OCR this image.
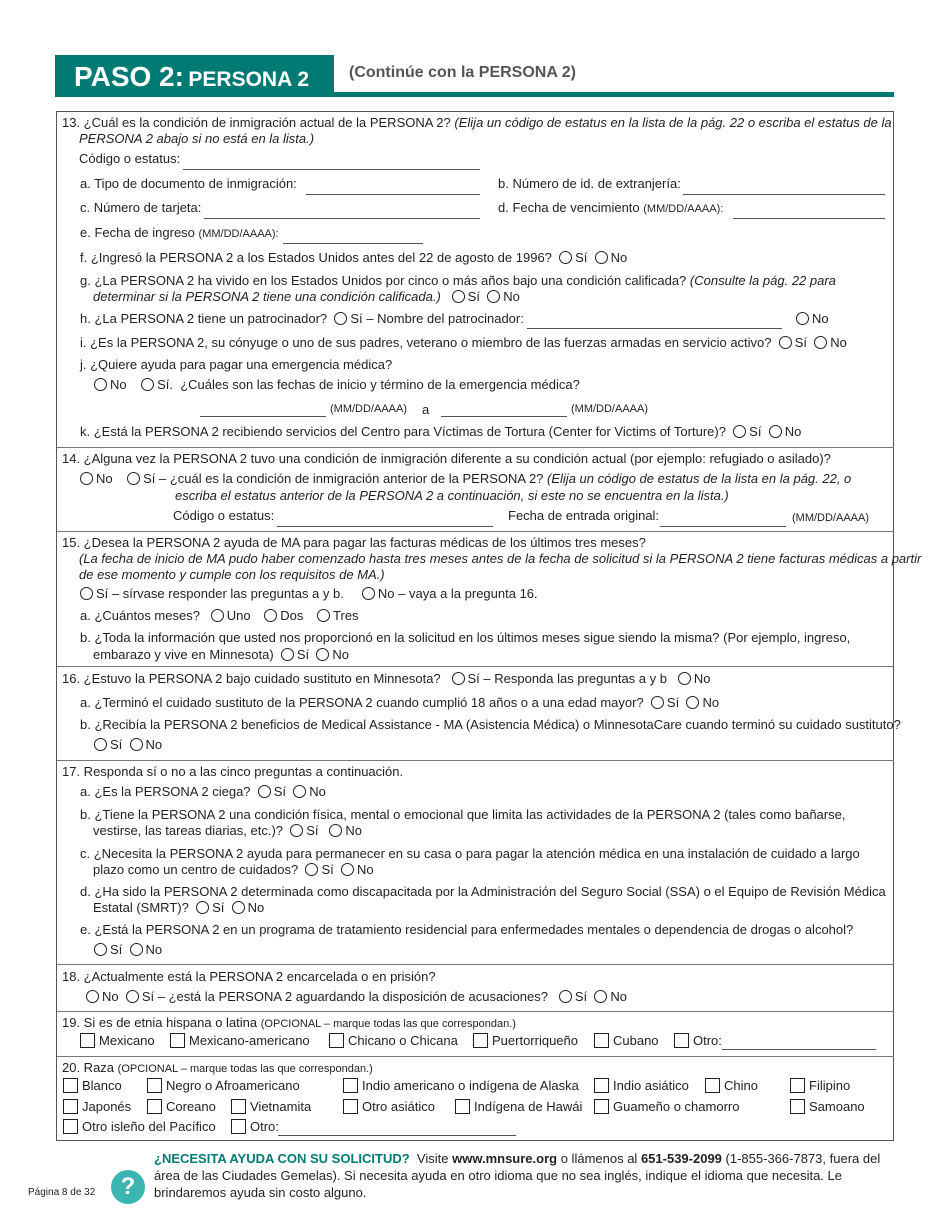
PASO 2: PERSONA 2	(Continúe con la PERSONA 2)
13. ¿Cuál es la condición de inmigración actual de la PERSONA 2? (Elija un código de estatus en la lista de la pág. 22 o escriba el estatus de la
PERSONA 2 abajo si no está en la lista.)
Código o estatus:
a. Tipo de documento de inmigración:	b. Número de id. de extranjería:
c. Número de tarjeta:	d. Fecha de vencimiento (MM/DD/AAAA):
e. Fecha de ingreso (MM/DD/AAAA):
f. ¿Ingresó la PERSONA 2 a los Estados Unidos antes del 22 de agosto de 1996? Sí No
g. ¿La PERSONA 2 ha vivido en los Estados Unidos por cinco o más años bajo una condición calificada? (Consulte la pág. 22 para
determinar si la PERSONA 2 tiene una condición calificada.) Sí No
h. ¿La PERSONA 2 tiene un patrocinador? Sí – Nombre del patrocinador:	No
i. ¿Es la PERSONA 2, su cónyuge o uno de sus padres, veterano o miembro de las fuerzas armadas en servicio activo? Sí No
j. ¿Quiere ayuda para pagar una emergencia médica?
No Sí. ¿Cuáles son las fechas de inicio y término de la emergencia médica?
(MM/DD/AAAA) a	(MM/DD/AAAA)
k. ¿Está la PERSONA 2 recibiendo servicios del Centro para Víctimas de Tortura (Center for Victims of Torture)? Sí No
14. ¿Alguna vez la PERSONA 2 tuvo una condición de inmigración diferente a su condición actual (por ejemplo: refugiado o asilado)?
No Sí – ¿cuál es la condición de inmigración anterior de la PERSONA 2? (Elija un código de estatus de la lista en la pág. 22, o
escriba el estatus anterior de la PERSONA 2 a continuación, si este no se encuentra en la lista.)
Código o estatus:	Fecha de entrada original:	(MM/DD/AAAA)
15. ¿Desea la PERSONA 2 ayuda de MA para pagar las facturas médicas de los últimos tres meses?
(La fecha de inicio de MA pudo haber comenzado hasta tres meses antes de la fecha de solicitud si la PERSONA 2 tiene facturas médicas a partir
de ese momento y cumple con los requisitos de MA.)
Sí – sírvase responder las preguntas a y b.	No – vaya a la pregunta 16.
a. ¿Cuántos meses? Uno Dos Tres
b. ¿Toda la información que usted nos proporcionó en la solicitud en los últimos meses sigue siendo la misma? (Por ejemplo, ingreso,
embarazo y vive en Minnesota) Sí No
16. ¿Estuvo la PERSONA 2 bajo cuidado sustituto en Minnesota? Sí – Responda las preguntas a y b No
a. ¿Terminó el cuidado sustituto de la PERSONA 2 cuando cumplió 18 años o a una edad mayor? Sí No
b. ¿Recibía la PERSONA 2 beneficios de Medical Assistance - MA (Asistencia Médica) o MinnesotaCare cuando terminó su cuidado sustituto?
Sí No
17. Responda sí o no a las cinco preguntas a continuación.
a. ¿Es la PERSONA 2 ciega? Sí No
b. ¿Tiene la PERSONA 2 una condición física, mental o emocional que limita las actividades de la PERSONA 2 (tales como bañarse,
vestirse, las tareas diarias, etc.)? Sí No
c. ¿Necesita la PERSONA 2 ayuda para permanecer en su casa o para pagar la atención médica en una instalación de cuidado a largo
plazo como un centro de cuidados? Sí No
d. ¿Ha sido la PERSONA 2 determinada como discapacitada por la Administración del Seguro Social (SSA) o el Equipo de Revisión Médica
Estatal (SMRT)? Sí No
e. ¿Está la PERSONA 2 en un programa de tratamiento residencial para enfermedades mentales o dependencia de drogas o alcohol?
Sí No
18. ¿Actualmente está la PERSONA 2 encarcelada o en prisión?
No Sí – ¿está la PERSONA 2 aguardando la disposición de acusaciones? Sí No
19. Si es de etnia hispana o latina (OPCIONAL – marque todas las que correspondan.)
Mexicano	Mexicano-americano	Chicano o Chicana	Puertorriqueño	Cubano	Otro:
20. Raza (OPCIONAL – marque todas las que correspondan.)
Blanco	Negro o Afroamericano	Indio americano o indígena de Alaska	Indio asiático	Chino	Filipino
Japonés	Coreano	Vietnamita	Otro asiático	Indígena de Hawái	Guameño o chamorro	Samoano
Otro isleño del Pacífico	Otro:
Página 8 de 32	?
¿NECESITA AYUDA CON SU SOLICITUD? Visite www.mnsure.org o llámenos al 651-539-2099 (1-855-366-7873, fuera del
área de las Ciudades Gemelas). Si necesita ayuda en otro idioma que no sea inglés, indique el idioma que necesita. Le
brindaremos ayuda sin costo alguno.
